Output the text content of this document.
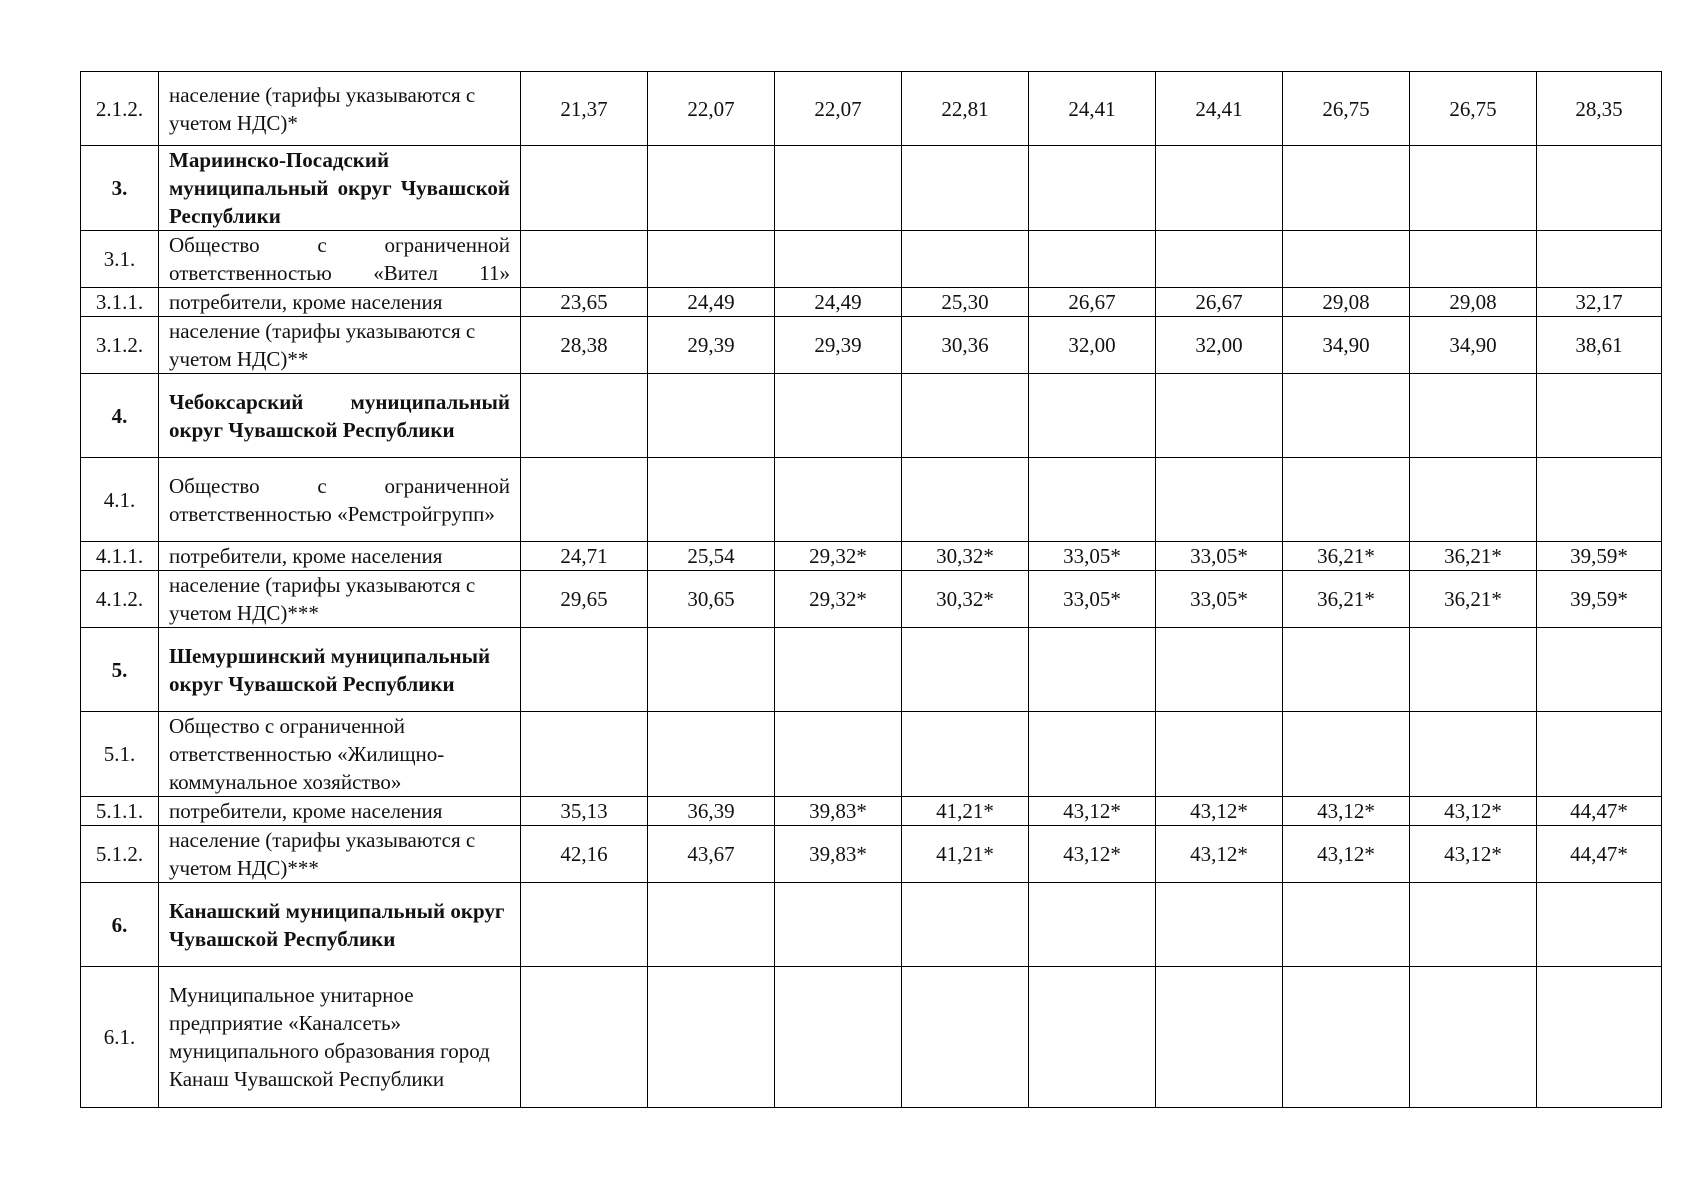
2.1.2.	население (тарифы указываются с учетом НДС)*	21,37	22,07	22,07	22,81	24,41	24,41	26,75	26,75	28,35
3.	Мариинско-Посадский муниципальный округ Чувашской Республики									
3.1.	Общество с ограниченной ответственностью «Вител 11»									
3.1.1.	потребители, кроме населения	23,65	24,49	24,49	25,30	26,67	26,67	29,08	29,08	32,17
3.1.2.	население (тарифы указываются с учетом НДС)**	28,38	29,39	29,39	30,36	32,00	32,00	34,90	34,90	38,61
4.	Чебоксарский муниципальный округ Чувашской Республики									
4.1.	Общество с ограниченной ответственностью «Ремстройгрупп»									
4.1.1.	потребители, кроме населения	24,71	25,54	29,32*	30,32*	33,05*	33,05*	36,21*	36,21*	39,59*
4.1.2.	население (тарифы указываются с учетом НДС)***	29,65	30,65	29,32*	30,32*	33,05*	33,05*	36,21*	36,21*	39,59*
5.	Шемуршинский муниципальный округ Чувашской Республики									
5.1.	Общество с ограниченной ответственностью «Жилищно-коммунальное хозяйство»									
5.1.1.	потребители, кроме населения	35,13	36,39	39,83*	41,21*	43,12*	43,12*	43,12*	43,12*	44,47*
5.1.2.	население (тарифы указываются с учетом НДС)***	42,16	43,67	39,83*	41,21*	43,12*	43,12*	43,12*	43,12*	44,47*
6.	Канашский муниципальный округ Чувашской Республики									
6.1.	Муниципальное унитарное предприятие «Каналсеть» муниципального образования город Канаш Чувашской Республики									
